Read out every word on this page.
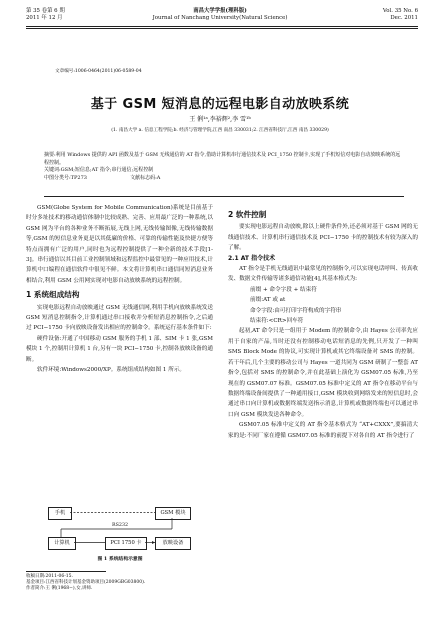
第 35 卷第 6 期
2011 年 12 月
南昌大学学报(理科版)
Journal of Nanchang University(Natural Science)
Vol. 35 No. 6
Dec. 2011
文章编号:1006-0464(2011)06-0589-04
基于 GSM 短消息的远程电影自动放映系统
王 俐¹ᵃ,李裕辉²,李 雪¹ᵇ
(1. 南昌大学 a. 信息工程学院;b. 经济与管理学院,江西 南昌 330031;2. 江西省科技厅,江西 南昌 330029)
摘要:利用 Windows 提供的 API 函数及基于 GSM 无线通信的 AT 指令,借助计算机串行通信技术及 PCI_1750 控制卡,实现了手机短信对电影自动放映系统的远程控制。
关键词:GSM;短信息;AT 指令;串行通信;远程控制
中图分类号:TP273	文献标志码:A
GSM(Globe System for Mobile Communication)系统是目前基于时分多址技术的移动通信体制中比较成熟、完善、应用最广泛的一种系统,以 GSM 网为平台的各种业务不断拓展,无线上网,无线传输图像,无线传输数据等,GSM 的短信息业务更是以其低廉的价格、可靠的传输性能及快捷方便等特点而拥有广泛的用户,同时也为远程控制提供了一种全新的技术手段[1-3]。串行通信以其目前工业控制领域和远程监控中最常见的一种应用技术,计算机中口编程在通信软件中很见不鲜。本文将计算机串口通信同短消息业务相结合,利用 GSM 公用网实现对电影自动放映系统的远程控制。
1 系统组成结构
实现电影远程自动放映通过 GSM 无线通信网,利用手机向放映系统发送 GSM 短消息控制指令,计算机通过串口接收并分析短消息控制指令,之后通过 PCI−1750 卡向放映设备发出相应的控制命令。系统运行基本条件如下:
硬件设备:开通了中国移动 GSM 服务的手机 1 部、SIM 卡 1 张,GSM 模块 1 个,控制用计算机 1 台,另有一块 PCI−1750 卡,控制各放映设备的通断。
软件环境:Windows2000/XP。系统组成结构如图 1 所示。
手机
计算机
GSM 模块
PCI 1750 卡	放映设备
RS232
图 1 系统结构示意图
收稿日期:2011-06-15.
基金项目:江西省科技计划基金资助项目(2009GBG03800).
作者简介:王 俐(1968−),女,讲师.
2 软件控制
要实现电影远程自动放映,除以上硬件条件外,还必须对基于 GSM 网的无线通信技术、计算机串行通信技术及 PCI−1750 卡的控制技术有较为深入的了解。
2.1 AT 指令技术
AT 指令是手机无线通讯中最常见的控制指令,可以实现电话呼叫、传真收发、数据文件传输等诸多通信功能[4],其基本格式为:
前缀 + 命令字段 + 结束符
前缀:AT 或 at
命令字段:由可打印字符构成的字符串
结束符:<CR>回车符
起初,AT 命令只是一组用于 Modem 的控制命令,由 Hayes 公司率先应用于自家的产品,当时还没有控制移动电话短消息的先例,只开发了一种叫 SMS Block Mode 的协议,可实现计算机或其它终端设备对 SMS 的控制。若干年后,几个主要的移动公司与 Hayes 一道共同为 GSM 研制了一整套 AT 指令,包括对 SMS 的控制命令,并在此基础上演化为 GSM07.05 标准,乃至现在的 GSM07.07 标准。GSM07.05 标准中定义的 AT 指令在移动平台与数据终端设备间提供了一种通用接口,GSM 模块收到网络发来的短信息时,会通过串口向计算机或数据终端发送指示消息,计算机或数据终端也可以通过串口向 GSM 模块发送各种命令。
GSM07.05 标准中定义的 AT 指令基本格式为 “AT+CXXX”,要搞清大家的是:不同厂家在遵循 GSM07.05 标准的前提下对各自的 AT 指令进行了
